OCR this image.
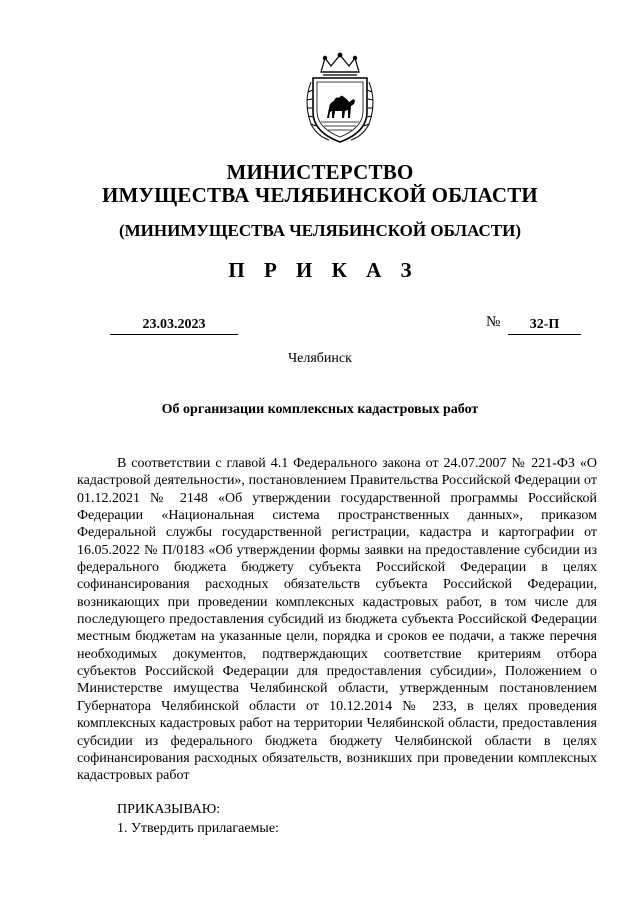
МИНИСТЕРСТВО
ИМУЩЕСТВА ЧЕЛЯБИНСКОЙ ОБЛАСТИ
(МИНИМУЩЕСТВА ЧЕЛЯБИНСКОЙ ОБЛАСТИ)
П Р И К А З
23.03.2023	№	32-П
Челябинск
Об организации комплексных кадастровых работ

В соответствии с главой 4.1 Федерального закона от 24.07.2007 № 221-ФЗ «О кадастровой деятельности», постановлением Правительства Российской Федерации от 01.12.2021 № 2148 «Об утверждении государственной программы Российской Федерации «Национальная система пространственных данных», приказом Федеральной службы государственной регистрации, кадастра и картографии от 16.05.2022 № П/0183 «Об утверждении формы заявки на предоставление субсидии из федерального бюджета бюджету субъекта Российской Федерации в целях софинансирования расходных обязательств субъекта Российской Федерации, возникающих при проведении комплексных кадастровых работ, в том числе для последующего предоставления субсидий из бюджета субъекта Российской Федерации местным бюджетам на указанные цели, порядка и сроков ее подачи, а также перечня необходимых документов, подтверждающих соответствие критериям отбора субъектов Российской Федерации для предоставления субсидии», Положением о Министерстве имущества Челябинской области, утвержденным постановлением Губернатора Челябинской области от 10.12.2014 № 233, в целях проведения комплексных кадастровых работ на территории Челябинской области, предоставления субсидии из федерального бюджета бюджету Челябинской области в целях софинансирования расходных обязательств, возникших при проведении комплексных кадастровых работ

ПРИКАЗЫВАЮ:
1. Утвердить прилагаемые:
